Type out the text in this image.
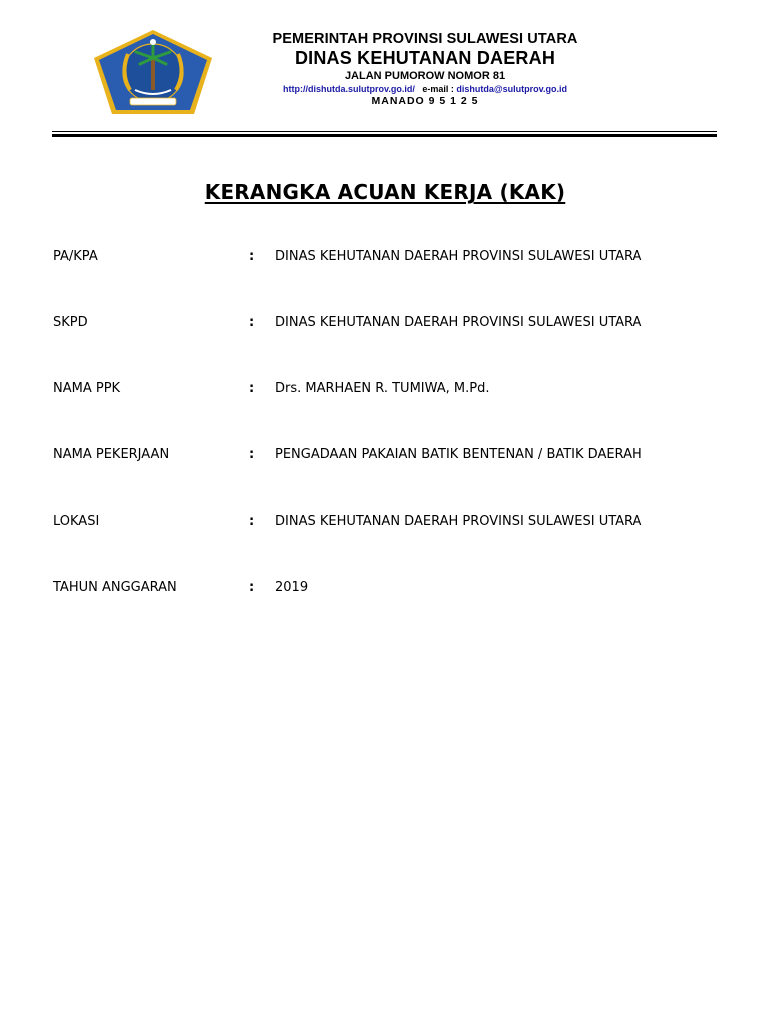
PEMERINTAH PROVINSI SULAWESI UTARA
DINAS KEHUTANAN DAERAH
JALAN PUMOROW NOMOR 81
http://dishutda.sulutprov.go.id/ e-mail : dishutda@sulutprov.go.id
MANADO 9 5 1 2 5
KERANGKA ACUAN KERJA (KAK)
PA/KPA	: DINAS KEHUTANAN DAERAH PROVINSI SULAWESI UTARA
SKPD	: DINAS KEHUTANAN DAERAH PROVINSI SULAWESI UTARA
NAMA PPK	: Drs. MARHAEN R. TUMIWA, M.Pd.
NAMA PEKERJAAN	: PENGADAAN PAKAIAN BATIK BENTENAN / BATIK DAERAH
LOKASI	: DINAS KEHUTANAN DAERAH PROVINSI SULAWESI UTARA
TAHUN ANGGARAN	: 2019
